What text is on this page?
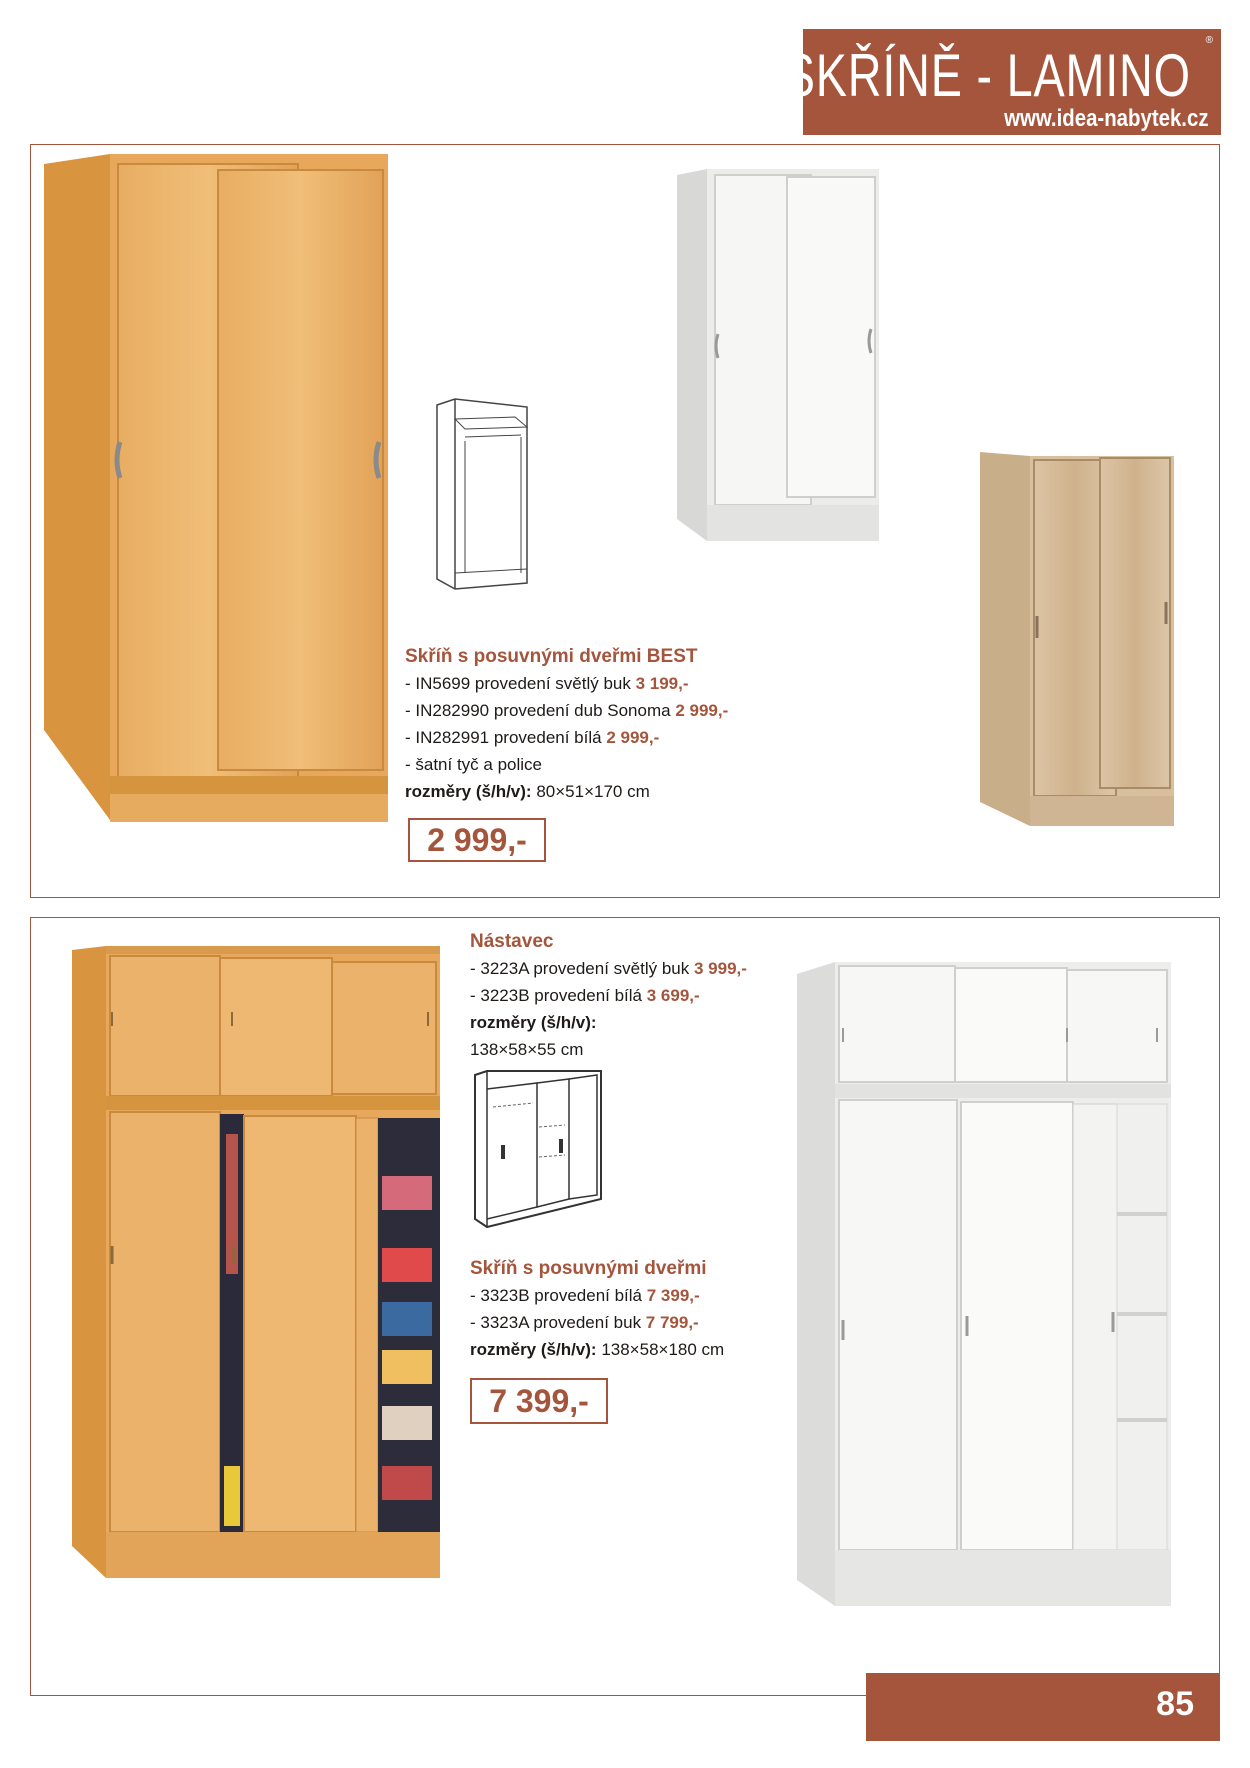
®
SKŘÍNĚ - LAMINO
www.idea-nabytek.cz
Skříň s posuvnými dveřmi BEST
- IN5699 provedení světlý buk 3 199,-
- IN282990 provedení dub Sonoma 2 999,-
- IN282991 provedení bílá 2 999,-
- šatní tyč a police
rozměry (š/h/v): 80×51×170 cm
2 999,-
Nástavec
- 3223A provedení světlý buk 3 999,-
- 3223B provedení bílá 3 699,-
rozměry (š/h/v):
138×58×55 cm
Skříň s posuvnými dveřmi
- 3323B provedení bílá 7 399,-
- 3323A provedení buk 7 799,-
rozměry (š/h/v): 138×58×180 cm
7 399,-
85
